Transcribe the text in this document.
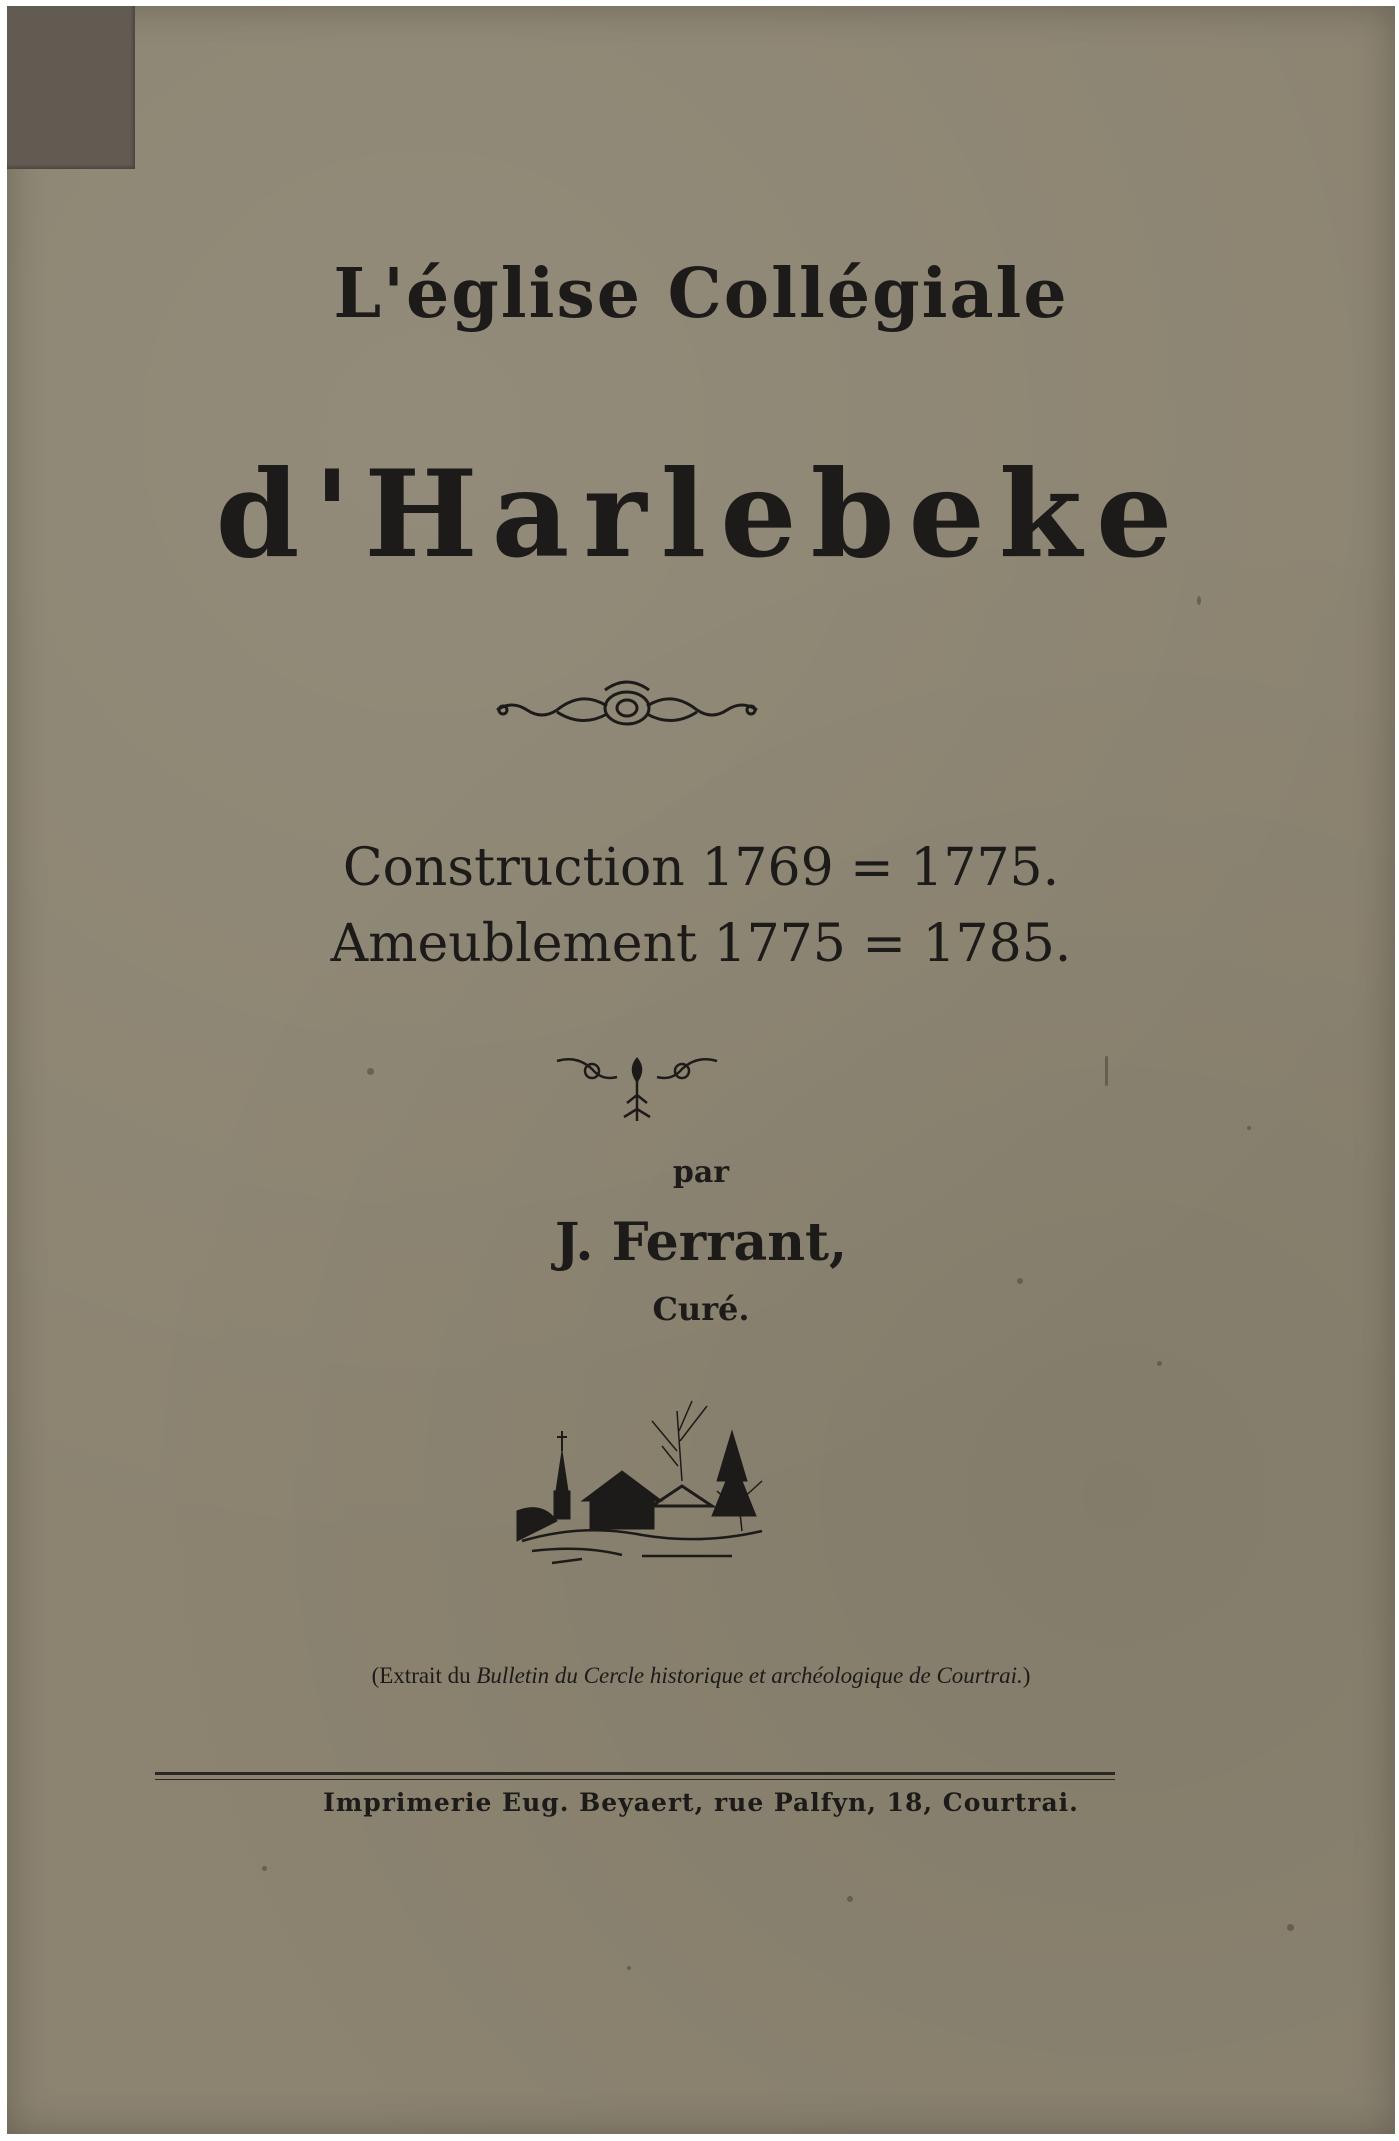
L'église Collégiale
d'Harlebeke
Construction 1769 = 1775.
Ameublement 1775 = 1785.
par
J. Ferrant,
Curé.
(Extrait du Bulletin du Cercle historique et archéologique de Courtrai.)
Imprimerie Eug. Beyaert, rue Palfyn, 18, Courtrai.
